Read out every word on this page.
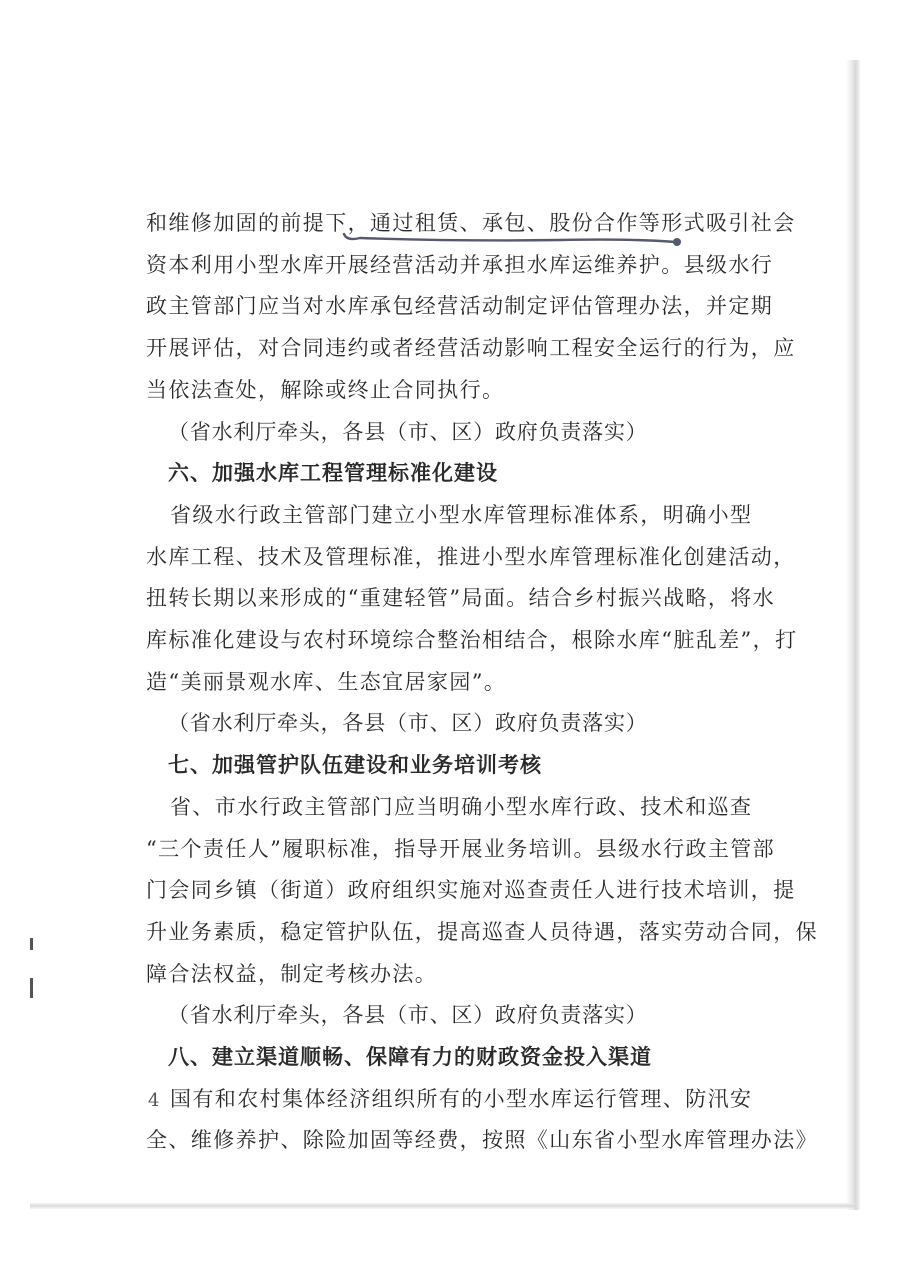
和维修加固的前提下，通过租赁、承包、股份合作等形式吸引社会
资本利用小型水库开展经营活动并承担水库运维养护。县级水行
政主管部门应当对水库承包经营活动制定评估管理办法，并定期
开展评估，对合同违约或者经营活动影响工程安全运行的行为，应
当依法查处，解除或终止合同执行。
（省水利厅牵头，各县（市、区）政府负责落实）
六、加强水库工程管理标准化建设
省级水行政主管部门建立小型水库管理标准体系，明确小型
水库工程、技术及管理标准，推进小型水库管理标准化创建活动，
扭转长期以来形成的“重建轻管”局面。结合乡村振兴战略，将水
库标准化建设与农村环境综合整治相结合，根除水库“脏乱差”，打
造“美丽景观水库、生态宜居家园”。
（省水利厅牵头，各县（市、区）政府负责落实）
七、加强管护队伍建设和业务培训考核
省、市水行政主管部门应当明确小型水库行政、技术和巡查
“三个责任人”履职标准，指导开展业务培训。县级水行政主管部
门会同乡镇（街道）政府组织实施对巡查责任人进行技术培训，提
升业务素质，稳定管护队伍，提高巡查人员待遇，落实劳动合同，保
障合法权益，制定考核办法。
（省水利厅牵头，各县（市、区）政府负责落实）
4
八、建立渠道顺畅、保障有力的财政资金投入渠道
国有和农村集体经济组织所有的小型水库运行管理、防汛安
全、维修养护、除险加固等经费，按照《山东省小型水库管理办法》
